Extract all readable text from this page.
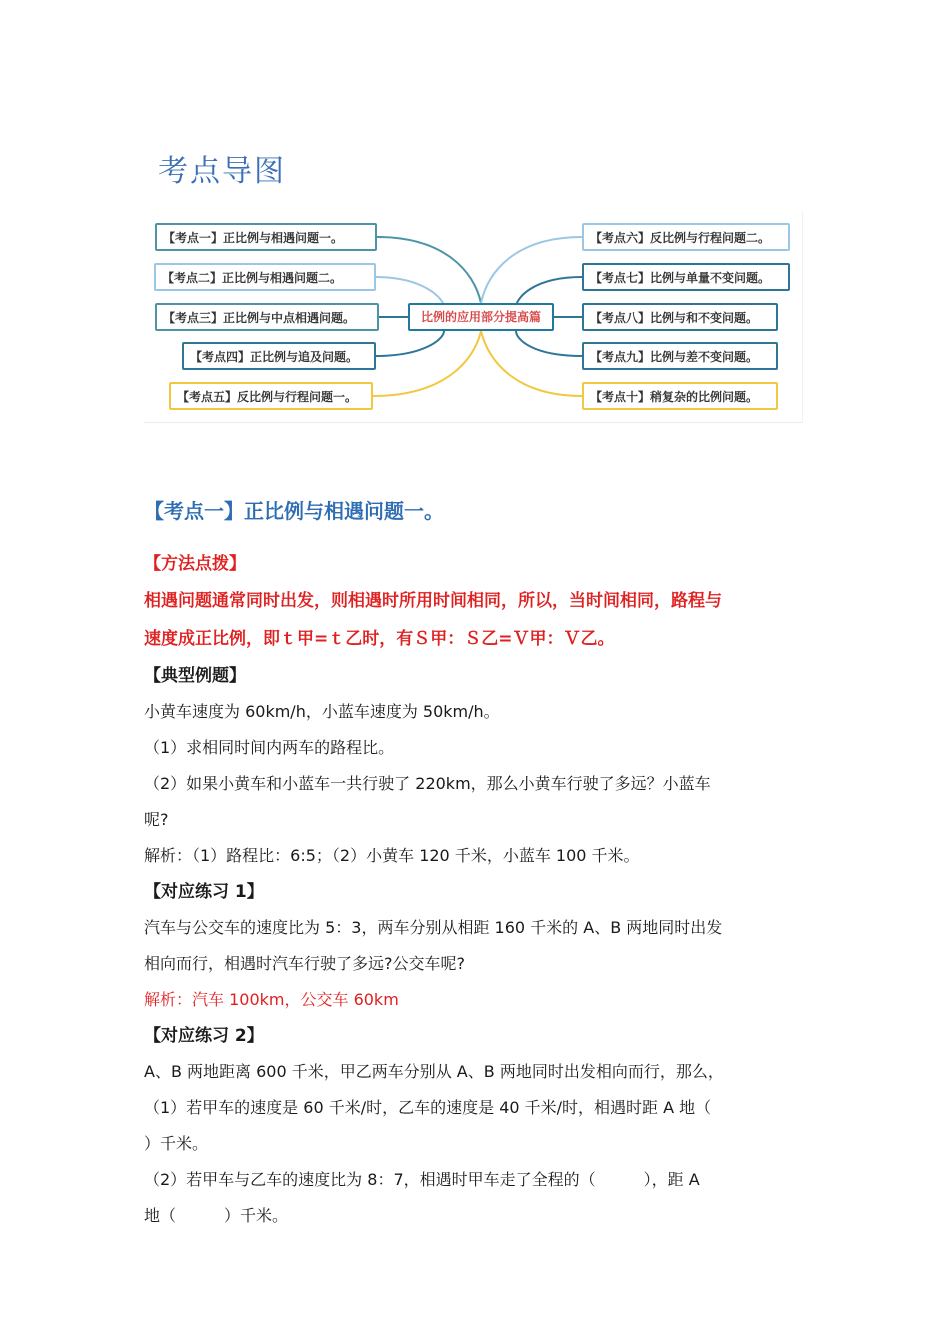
考点导图
比例的应用部分提高篇
【考点一】正比例与相遇问题一。
【考点二】正比例与相遇问题二。
【考点三】正比例与中点相遇问题。
【考点四】正比例与追及问题。
【考点五】反比例与行程问题一。
【考点六】反比例与行程问题二。
【考点七】比例与单量不变问题。
【考点八】比例与和不变问题。
【考点九】比例与差不变问题。
【考点十】稍复杂的比例问题。
【考点一】正比例与相遇问题一。

【方法点拨】

相遇问题通常同时出发，则相遇时所用时间相同，所以，当时间相同，路程与

速度成正比例，即ｔ甲=ｔ乙时，有Ｓ甲：Ｓ乙=Ｖ甲：Ｖ乙。

【典型例题】

小黄车速度为 60km/h，小蓝车速度为 50km/h。

（1）求相同时间内两车的路程比。

（2）如果小黄车和小蓝车一共行驶了 220km，那么小黄车行驶了多远？小蓝车

呢?

解析：（1）路程比：6:5；（2）小黄车 120 千米，小蓝车 100 千米。

【对应练习 1】

汽车与公交车的速度比为 5：3，两车分别从相距 160 千米的 A、B 两地同时出发

相向而行，相遇时汽车行驶了多远?公交车呢?

解析：汽车 100km，公交车 60km

【对应练习 2】

A、B 两地距离 600 千米，甲乙两车分别从 A、B 两地同时出发相向而行，那么，

（1）若甲车的速度是 60 千米/时，乙车的速度是 40 千米/时，相遇时距 A 地（

）千米。

（2）若甲车与乙车的速度比为 8：7，相遇时甲车走了全程的（　　　），距 A

地（　　　）千米。
